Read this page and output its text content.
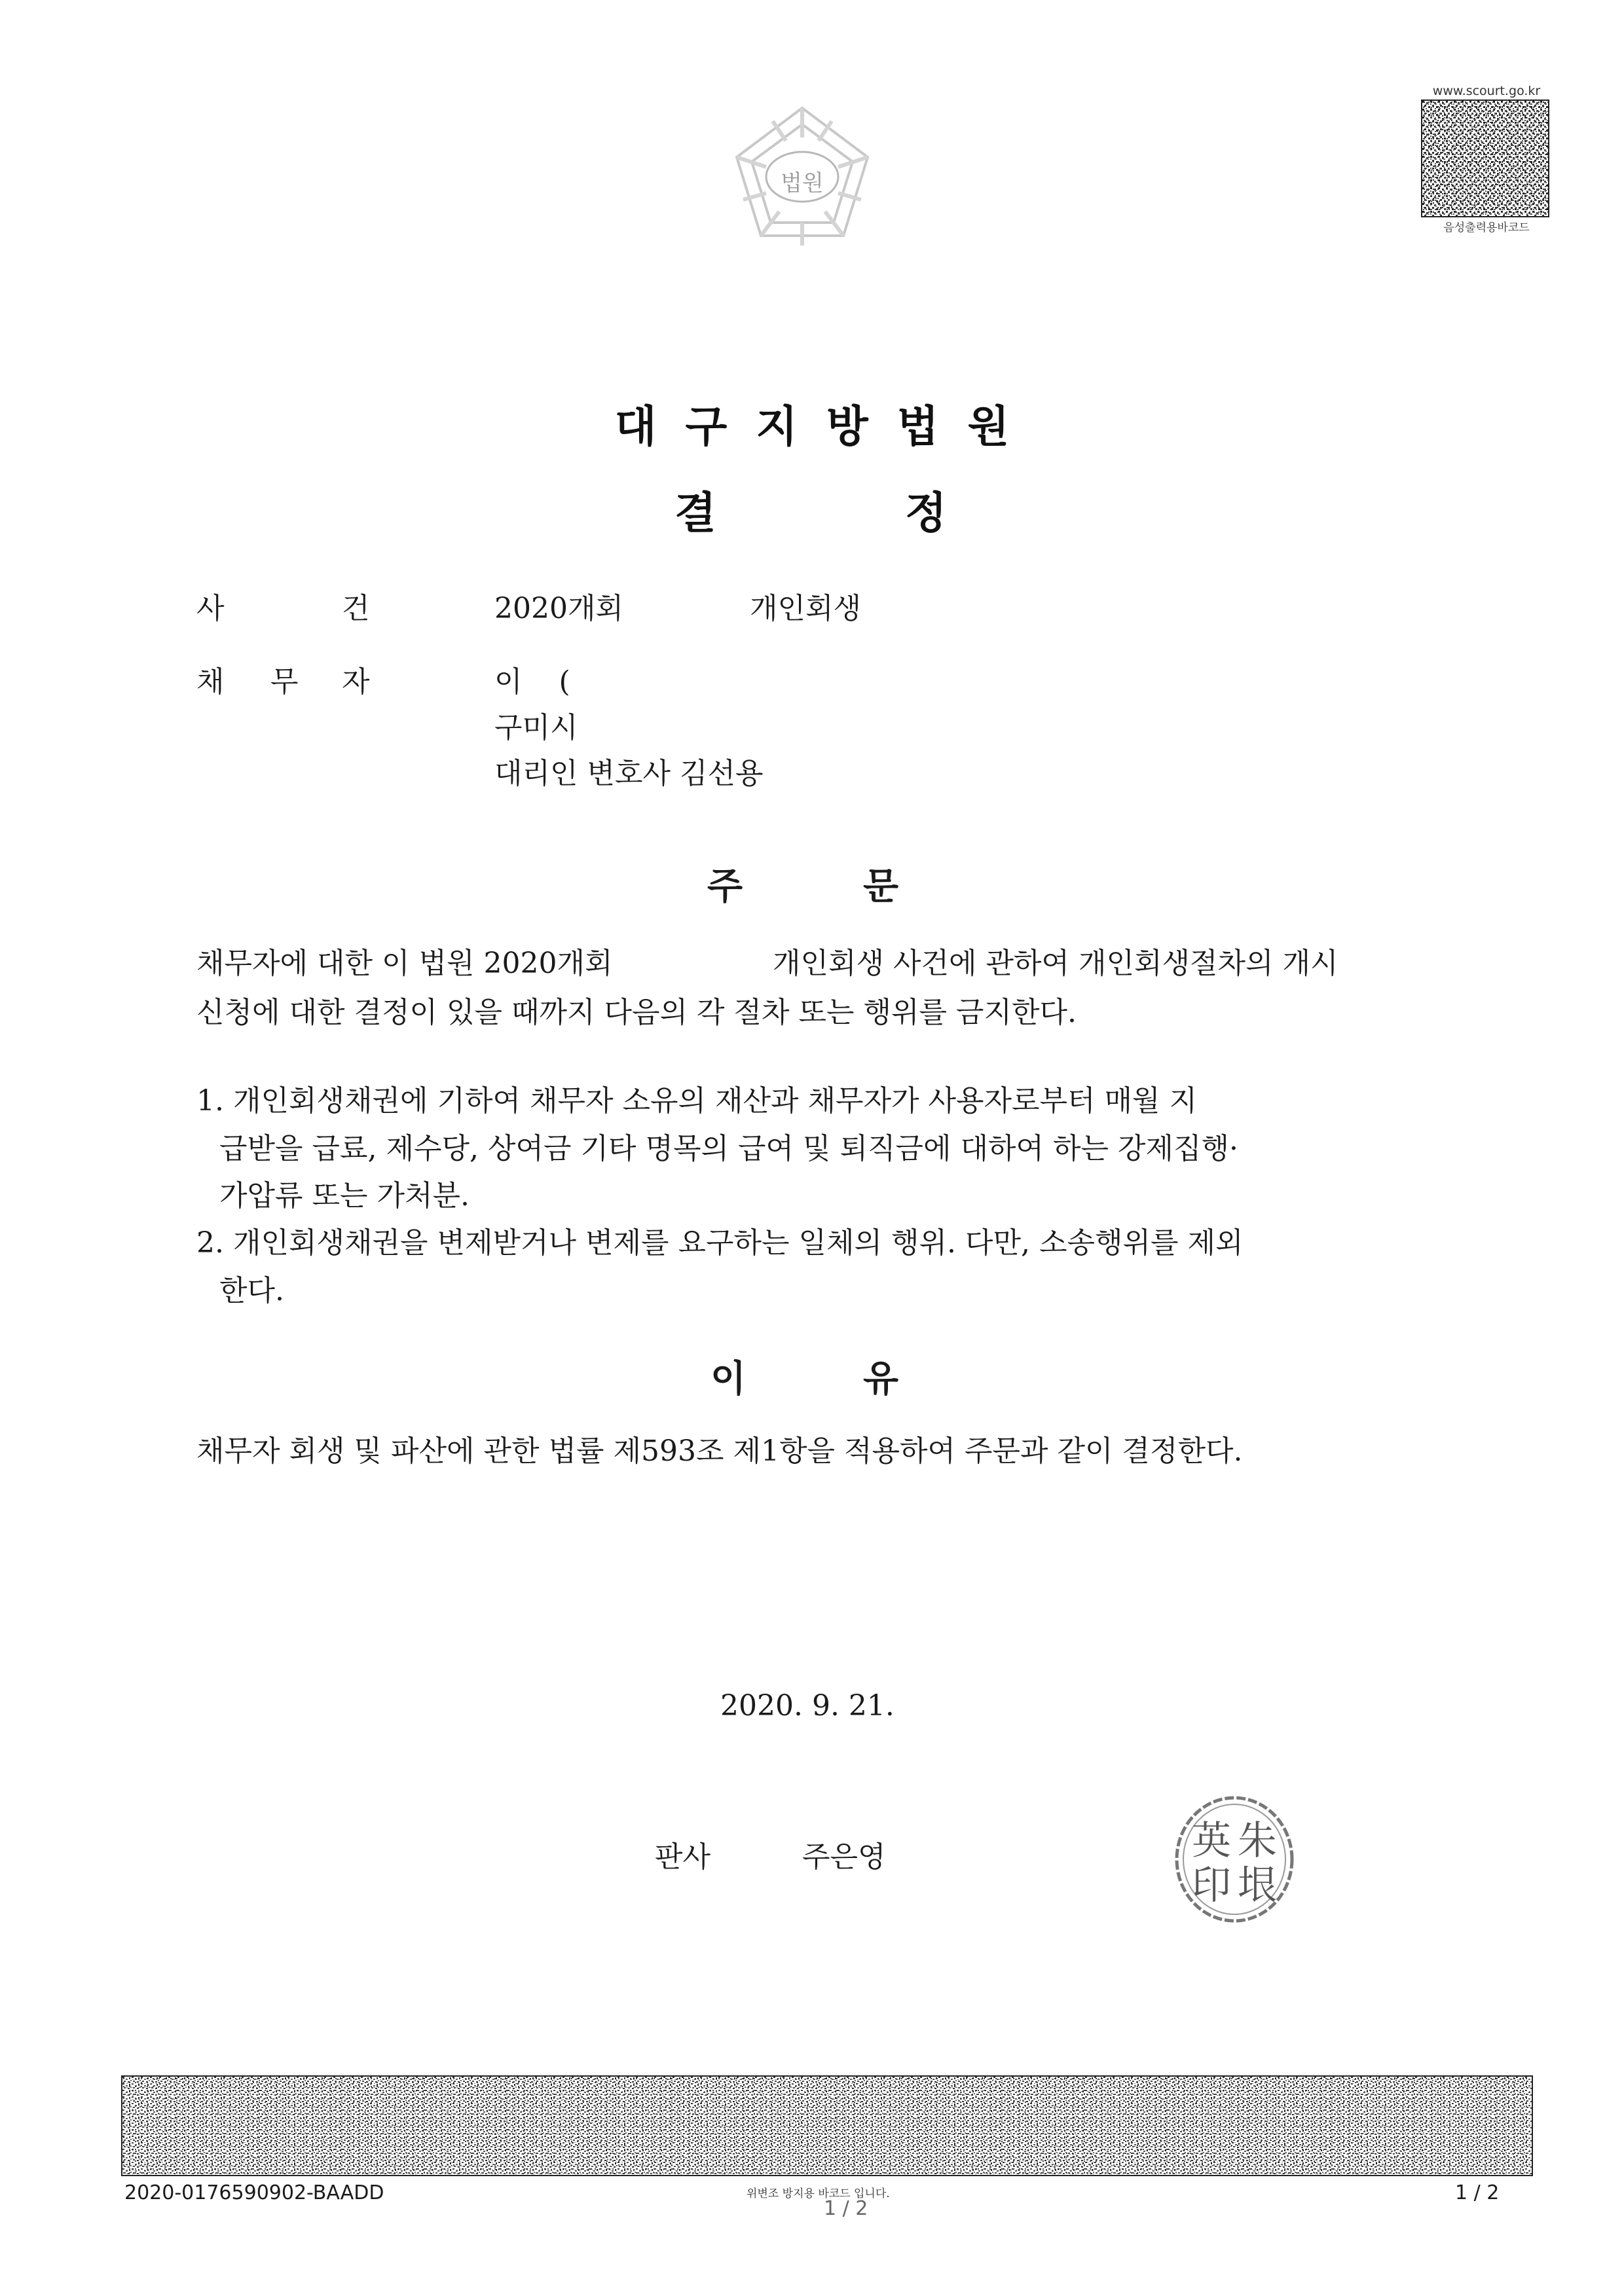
법원
www.scourt.go.kr
음성출력용바코드
대구지방법원
결	정
사	건	2020개회	개인회생
채 무 자	이    (
구미시
대리인 변호사 김선용
주	문
채무자에 대한 이 법원 2020개회	개인회생 사건에 관하여 개인회생절차의 개시
신청에 대한 결정이 있을 때까지 다음의 각 절차 또는 행위를 금지한다.
1. 개인회생채권에 기하여 채무자 소유의 재산과 채무자가 사용자로부터 매월 지
급받을 급료, 제수당, 상여금 기타 명목의 급여 및 퇴직금에 대하여 하는 강제집행·
가압류 또는 가처분.
2. 개인회생채권을 변제받거나 변제를 요구하는 일체의 행위. 다만, 소송행위를 제외
한다.
이	유
채무자 회생 및 파산에 관한 법률 제593조 제1항을 적용하여 주문과 같이 결정한다.
2020. 9. 21.
판사	주은영	朱
英
垠
印
2020-0176590902-BAADD	위변조 방지용 바코드 입니다.
1 / 2
1 / 2
